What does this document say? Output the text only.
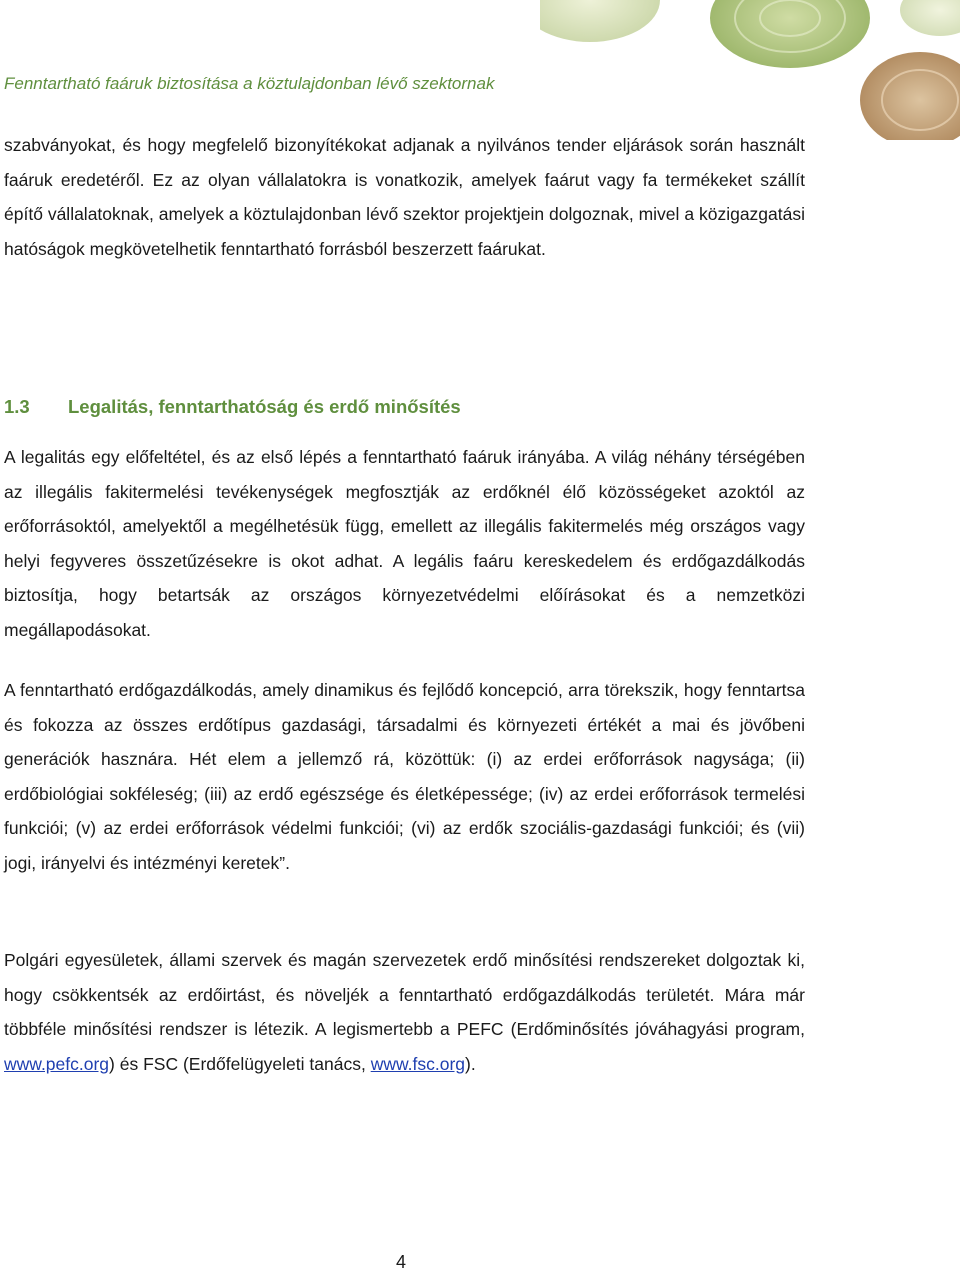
Fenntartható faáruk biztosítása a köztulajdonban lévő szektornak

szabványokat, és hogy megfelelő bizonyítékokat adjanak a nyilvános tender eljárások során használt faáruk eredetéről. Ez az olyan vállalatokra is vonatkozik, amelyek faárut vagy fa termékeket szállít építő vállalatoknak, amelyek a köztulajdonban lévő szektor projektjein dolgoznak, mivel a közigazgatási hatóságok megkövetelhetik fenntartható forrásból beszerzett faárukat.

1.3 Legalitás, fenntarthatóság és erdő minősítés

A legalitás egy előfeltétel, és az első lépés a fenntartható faáruk irányába. A világ néhány térségében az illegális fakitermelési tevékenységek megfosztják az erdőknél élő közösségeket azoktól az erőforrásoktól, amelyektől a megélhetésük függ, emellett az illegális fakitermelés még országos vagy helyi fegyveres összetűzésekre is okot adhat. A legális faáru kereskedelem és erdőgazdálkodás biztosítja, hogy betartsák az országos környezetvédelmi előírásokat és a nemzetközi megállapodásokat.

A fenntartható erdőgazdálkodás, amely dinamikus és fejlődő koncepció, arra törekszik, hogy fenntartsa és fokozza az összes erdőtípus gazdasági, társadalmi és környezeti értékét a mai és jövőbeni generációk hasznára. Hét elem a jellemző rá, közöttük: (i) az erdei erőforrások nagysága; (ii) erdőbiológiai sokféleség; (iii) az erdő egészsége és életképessége; (iv) az erdei erőforrások termelési funkciói; (v) az erdei erőforrások védelmi funkciói; (vi) az erdők szociális-gazdasági funkciói; és (vii) jogi, irányelvi és intézményi keretek”.

Polgári egyesületek, állami szervek és magán szervezetek erdő minősítési rendszereket dolgoztak ki, hogy csökkentsék az erdőirtást, és növeljék a fenntartható erdőgazdálkodás területét. Mára már többféle minősítési rendszer is létezik. A legismertebb a PEFC (Erdőminősítés jóváhagyási program, www.pefc.org) és FSC (Erdőfelügyeleti tanács, www.fsc.org).

4
